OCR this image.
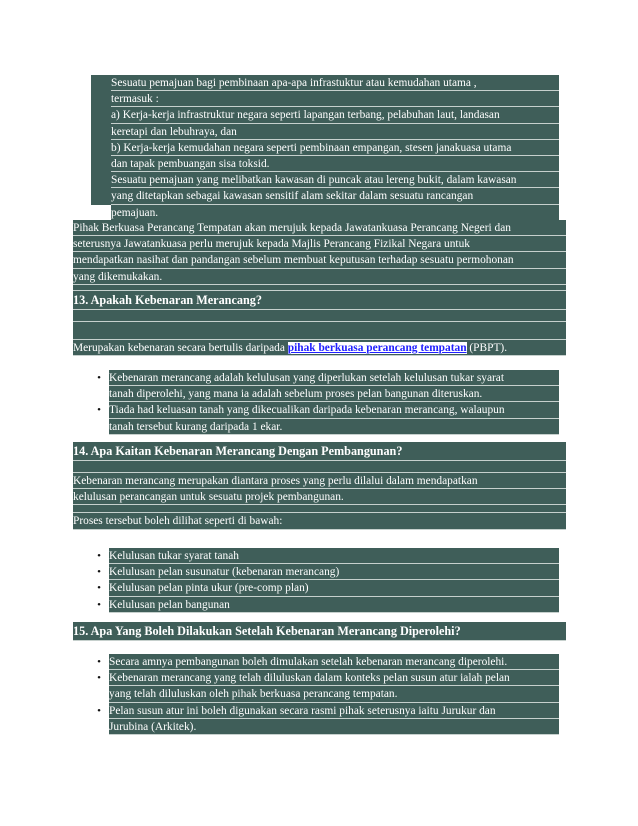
2.	Sesuatu pemajuan bagi pembinaan apa-apa infrastuktur atau kemudahan utama ,
termasuk :
a) Kerja-kerja infrastruktur negara seperti lapangan terbang, pelabuhan laut, landasan
keretapi dan lebuhraya, dan
b) Kerja-kerja kemudahan negara seperti pembinaan empangan, stesen janakuasa utama
dan tapak pembuangan sisa toksid.
3.	Sesuatu pemajuan yang melibatkan kawasan di puncak atau lereng bukit, dalam kawasan
yang ditetapkan sebagai kawasan sensitif alam sekitar dalam sesuatu rancangan
pemajuan.
Pihak Berkuasa Perancang Tempatan akan merujuk kepada Jawatankuasa Perancang Negeri dan
seterusnya Jawatankuasa perlu merujuk kepada Majlis Perancang Fizikal Negara untuk
mendapatkan nasihat dan pandangan sebelum membuat keputusan terhadap sesuatu permohonan
yang dikemukakan.
13. Apakah Kebenaran Merancang?
Merupakan kebenaran secara bertulis daripada pihak berkuasa perancang tempatan (PBPT).
• Kebenaran merancang adalah kelulusan yang diperlukan setelah kelulusan tukar syarat
tanah diperolehi, yang mana ia adalah sebelum proses pelan bangunan diteruskan.
• Tiada had keluasan tanah yang dikecualikan daripada kebenaran merancang, walaupun
tanah tersebut kurang daripada 1 ekar.
14. Apa Kaitan Kebenaran Merancang Dengan Pembangunan?
Kebenaran merancang merupakan diantara proses yang perlu dilalui dalam mendapatkan
kelulusan perancangan untuk sesuatu projek pembangunan.
Proses tersebut boleh dilihat seperti di bawah:
• Kelulusan tukar syarat tanah
• Kelulusan pelan susunatur (kebenaran merancang)
• Kelulusan pelan pinta ukur (pre-comp plan)
• Kelulusan pelan bangunan
15. Apa Yang Boleh Dilakukan Setelah Kebenaran Merancang Diperolehi?
• Secara amnya pembangunan boleh dimulakan setelah kebenaran merancang diperolehi.
• Kebenaran merancang yang telah diluluskan dalam konteks pelan susun atur ialah pelan
yang telah diluluskan oleh pihak berkuasa perancang tempatan.
• Pelan susun atur ini boleh digunakan secara rasmi pihak seterusnya iaitu Jurukur dan
Jurubina (Arkitek).
